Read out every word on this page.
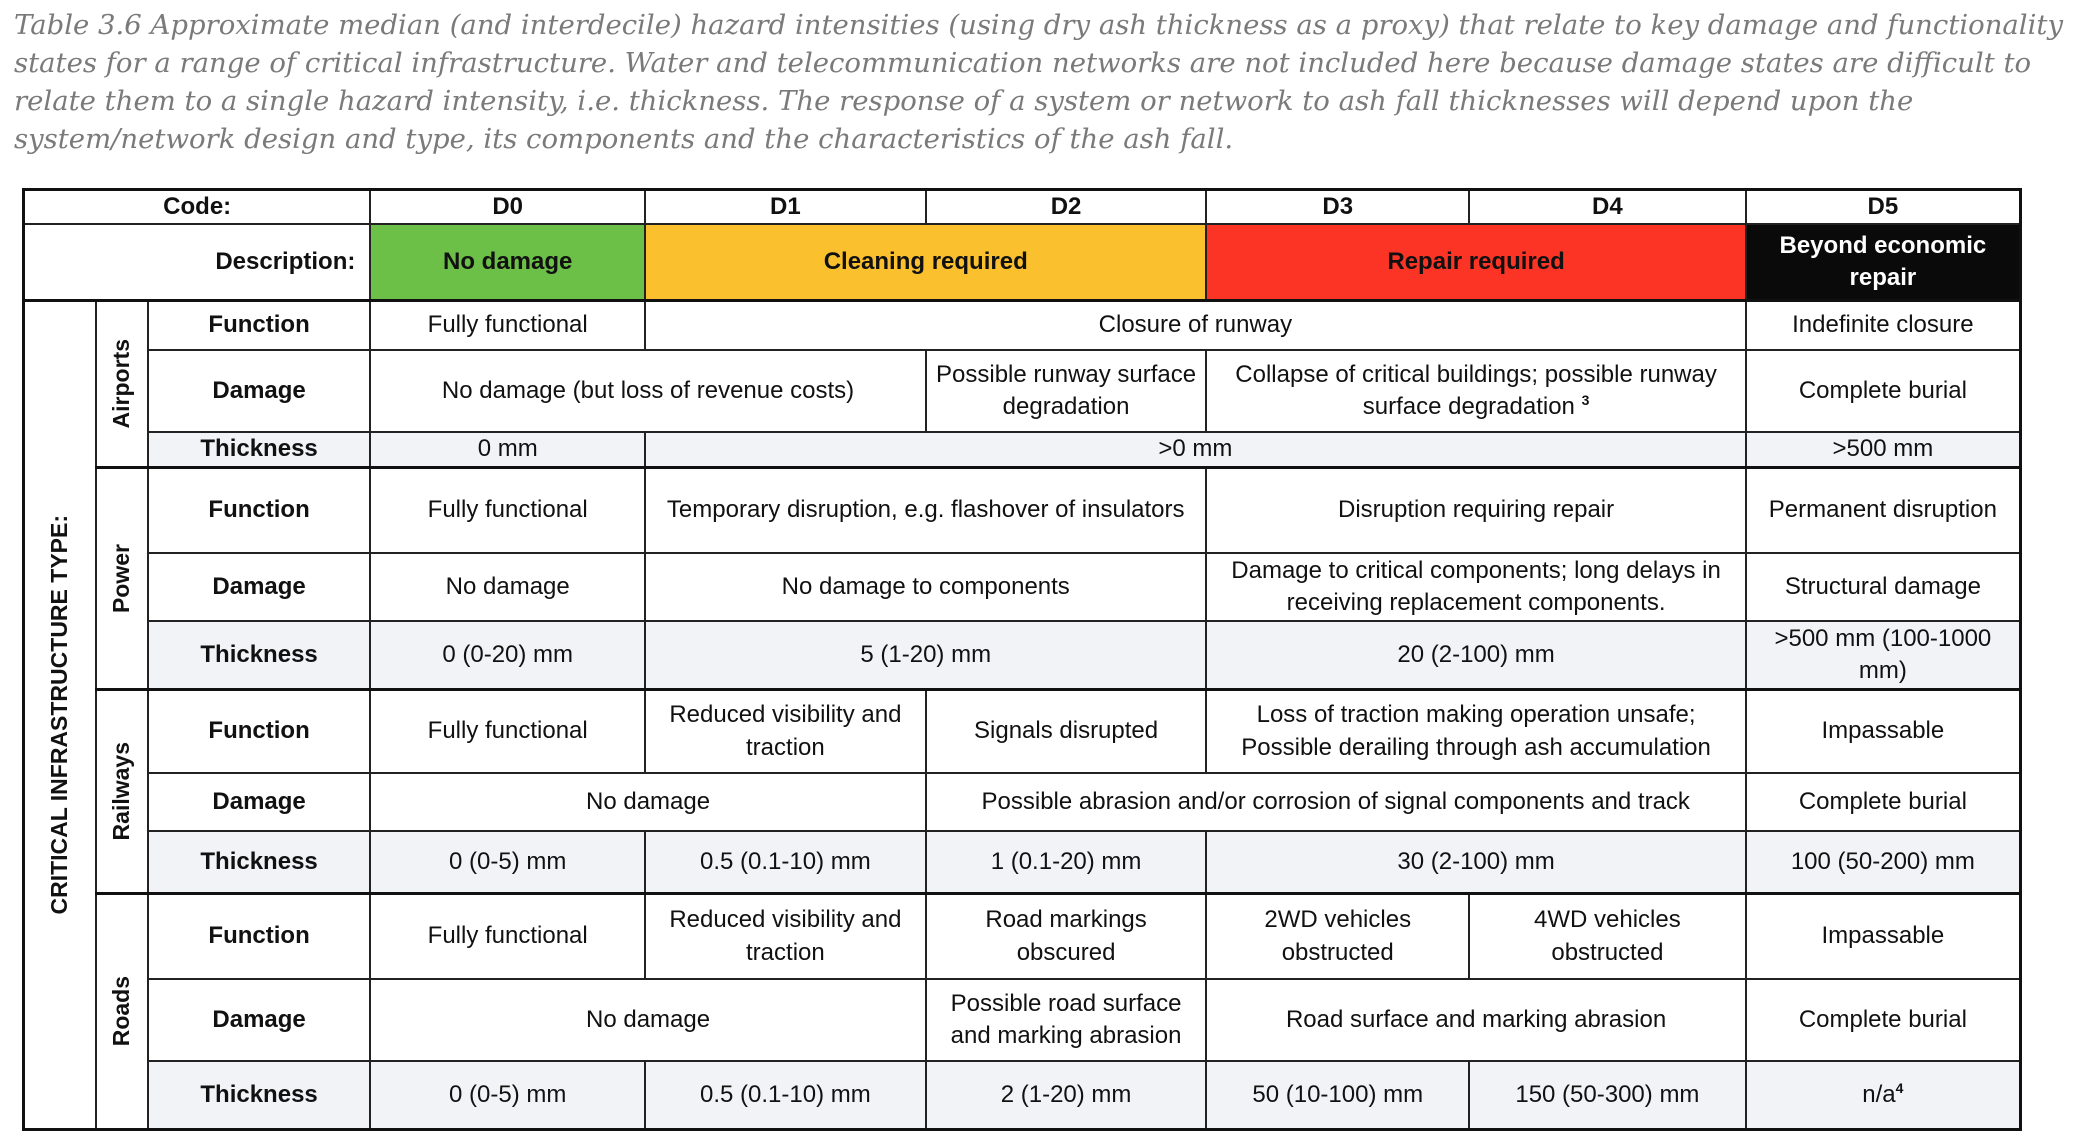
Table 3.6 Approximate median (and interdecile) hazard intensities (using dry ash thickness as a proxy) that relate to key damage and functionality states for a range of critical infrastructure. Water and telecommunication networks are not included here because damage states are difficult to relate them to a single hazard intensity, i.e. thickness. The response of a system or network to ash fall thicknesses will depend upon the system/network design and type, its components and the characteristics of the ash fall.

Code:			D0	D1	D2	D3	D4	D5
Description:			No damage	Cleaning required		Repair required		Beyond economic repair

CRITICAL INFRASTRUCTURE TYPE:	Airports	Function	Fully functional	Closure of runway				Indefinite closure
		Damage	No damage (but loss of revenue costs)		Possible runway surface degradation	Collapse of critical buildings; possible runway surface degradation $^3$		Complete burial
		Thickness	0 mm	>0 mm				>500 mm

	Power	Function	Fully functional	Temporary disruption, e.g. flashover of insulators		Disruption requiring repair		Permanent disruption
		Damage	No damage	No damage to components		Damage to critical components; long delays in receiving replacement components.		Structural damage
		Thickness	0 (0-20) mm	5 (1-20) mm		20 (2-100) mm		>500 mm (100-1000 mm)

	Railways	Function	Fully functional	Reduced visibility and traction	Signals disrupted	Loss of traction making operation unsafe; Possible derailing through ash accumulation		Impassable
		Damage	No damage		Possible abrasion and/or corrosion of signal components and track			Complete burial
		Thickness	0 (0-5) mm	0.5 (0.1-10) mm	1 (0.1-20) mm	30 (2-100) mm		100 (50-200) mm

	Roads	Function	Fully functional	Reduced visibility and traction	Road markings obscured	2WD vehicles obstructed	4WD vehicles obstructed	Impassable
		Damage	No damage		Possible road surface and marking abrasion	Road surface and marking abrasion		Complete burial
		Thickness	0 (0-5) mm	0.5 (0.1-10) mm	2 (1-20) mm	50 (10-100) mm	150 (50-300) mm	$n/a^4$
